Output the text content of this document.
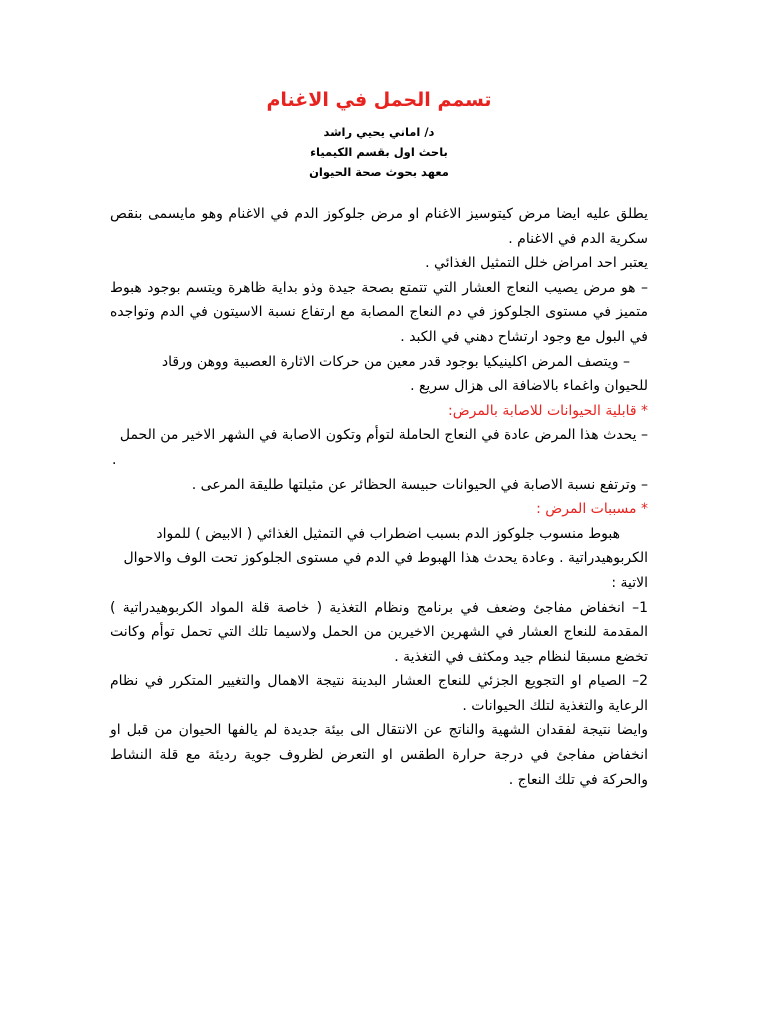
تسمم الحمل في الاغنام

د/ اماني يحيي راشد

باحث اول بقسم الكيمياء

معهد بحوث صحة الحيوان

يطلق عليه ايضا مرض كيتوسيز الاغنام او مرض جلوكوز الدم في الاغنام وهو مايسمى بنقص سكرية الدم في الاغنام .

يعتبر احد امراض خلل التمثيل الغذائي .

– هو مرض يصيب النعاج العشار التي تتمتع بصحة جيدة وذو بداية ظاهرة ويتسم بوجود هبوط متميز في مستوى الجلوكوز في دم النعاج المصابة مع ارتفاع نسبة الاسيتون في الدم وتواجده في البول مع وجود ارتشاح دهني في الكبد .

– ويتصف المرض اكلينيكيا بوجود قدر معين من حركات الاثارة العصبية ووهن ورقاد

للحيوان واغماء بالاضافة الى هزال سريع .

* قابلية الحيوانات للاصابة بالمرض:

– يحدث هذا المرض عادة في النعاج الحاملة لتوأم وتكون الاصابة في الشهر الاخير من الحمل

.

– وترتفع نسبة الاصابة في الحيوانات حبيسة الحظائر عن مثيلتها طليقة المرعى .

* مسببات المرض :

هبوط منسوب جلوكوز الدم بسبب اضطراب في التمثيل الغذائي ( الابيض ) للمواد

الكربوهيدراتية . وعادة يحدث هذا الهبوط في الدم في مستوى الجلوكوز تحت الوف والاحوال

الاتية :

1– انخفاض مفاجئ وضعف في برنامج ونظام التغذية ( خاصة قلة المواد الكربوهيدراتية ) المقدمة للنعاج العشار في الشهرين الاخيرين من الحمل ولاسيما تلك التي تحمل توأم وكانت تخضع مسبقا لنظام جيد ومكثف في التغذية .

2– الصيام او التجويع الجزئي للنعاج العشار البدينة نتيجة الاهمال والتغيير المتكرر في نظام الرعاية والتغذية لتلك الحيوانات .

وايضا نتيجة لفقدان الشهية والناتج عن الانتقال الى بيئة جديدة لم يالفها الحيوان من قبل او انخفاض مفاجئ في درجة حرارة الطقس او التعرض لظروف جوية رديئة مع قلة النشاط والحركة في تلك النعاج .
